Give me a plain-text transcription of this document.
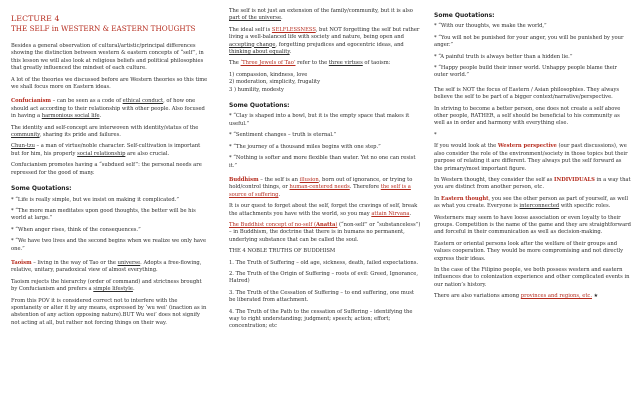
LECTURE 4
THE SELF in WESTERN & EASTERN THOUGHTS

Besides a general observation of cultural/artistic/principal differences showing the distinction between western & eastern concepts of “self”, in this lesson we will also look at religious beliefs and political philosophies that greatly influenced the mindset of each culture.

A lot of the theories we discussed before are Western theories so this time we shall focus more on Eastern ideas.

Confucianism – can be seen as a code of ethical conduct, of how one should act according to their relationship with other people. Also focused in having a harmonious social life.

The identity and self-concept are interwoven with identity/status of the community, sharing its pride and failures.

Chun-tzu – a man of virtue/noble character. Self-cultivation is important but for him, his properly social relationship are also crucial.

Confucianism promotes having a “subdued self”: the personal needs are repressed for the good of many.

Some Quotations:

* “Life is really simple, but we insist on making it complicated.”

* “The more man meditates upon good thoughts, the better will be his world at large.”

* “When anger rises, think of the consequences.”

* “We have two lives and the second begins when we realize we only have one.”

Taoism – living in the way of Tao or the universe. Adopts a free-flowing, relative, unitary, paradoxical view of almost everything.

Taoism rejects the hierarchy (order of command) and strictness brought by Confucianism and prefers a simple lifestyle.

From this POV it is considered correct not to interfere with the spontaneity or alter it by any means, expressed by ‘wu wei’ (inaction as in abstention of any action opposing nature).BUT Wu wei’ does not signify not acting at all, but rather not forcing things on their way.

The self is not just an extension of the family/community, but it is also part of the universe.

The ideal self is SELFLESSNESS, but NOT forgetting the self but rather living a well-balanced life with society and nature, being open and accepting change, forgetting prejudices and egocentric ideas, and thinking about equality.

The ‘Three Jewels of Tao’ refer to the three virtues of taoism:

1) compassion, kindness, love
2) moderation, simplicity, frugality
3 ) humility, modesty
Some Quotations:

* “Clay is shaped into a bowl, but it is the empty space that makes it useful.”

* “Sentiment changes – truth is eternal.”

* “The journey of a thousand miles begins with one step.”

* “Nothing is softer and more flexible than water. Yet no one can resist it.”

Buddhism – the self is an illusion, born out of ignorance, or trying to hold/control things, or human-centered needs. Therefore the self is a source of suffering.

It is our quest to forget about the self, forget the cravings of self, break the attachments you have with the world, so you may attain Nirvana.

The Buddhist concept of no-self (Anatta) (“non-self” or “substanceless”) – in Buddhism, the doctrine that there is in humans no permanent, underlying substance that can be called the soul.

THE 4 NOBLE TRUTHS OF BUDDHISM

1. The Truth of Suffering – old age, sickness, death, failed expectations.

2. The Truth of the Origin of Suffering – roots of evil: Greed, Ignorance, Hatred)

3. The Truth of the Cessation of Suffering – to end suffering, one must be liberated from attachment.

4. The Truth of the Path to the cessation of Suffering – identifying the way to right understanding; judgment; speech; action; effort; concentration; etc

Some Quotations:

* “With our thoughts, we make the world,”

* “You will not be punished for your anger, you will be punished by your anger.”

* “A painful truth is always better than a hidden lie.”

* “Happy people build their inner world. Unhappy people blame their outer world.”

The self is NOT the focus of Eastern / Asian philosophies. They always believe the self to be part of a bigger context/narrative/perspective.

In striving to become a better person, one does not create a self above other people, RATHER, a self should be beneficial to his community as well as in order and harmony with everything else.

*

If you would look at the Western perspective (our past discussions), we also consider the role of the environment/society in those topics but their purpose of relating it are different. They always put the self forward as the primary/most important figure.

In Western thought, they consider the self as INDIVIDUALS in a way that you are distinct from another person, etc.

In Eastern thought, you see the other person as part of yourself, as well as what you create. Everyone is interconnected with specific roles.

Westerners may seem to have loose association or even loyalty to their groups. Competition is the name of the game and they are straightforward and forceful in their communication as well as decision-making.

Eastern or oriental persons look after the welfare of their groups and values cooperation. They would be more compromising and not directly express their ideas.

In the case of the Filipino people, we both possess western and eastern influences due to colonization experience and other complicated events in our nation’s history.

There are also variations among provinces and regions, etc. ★
